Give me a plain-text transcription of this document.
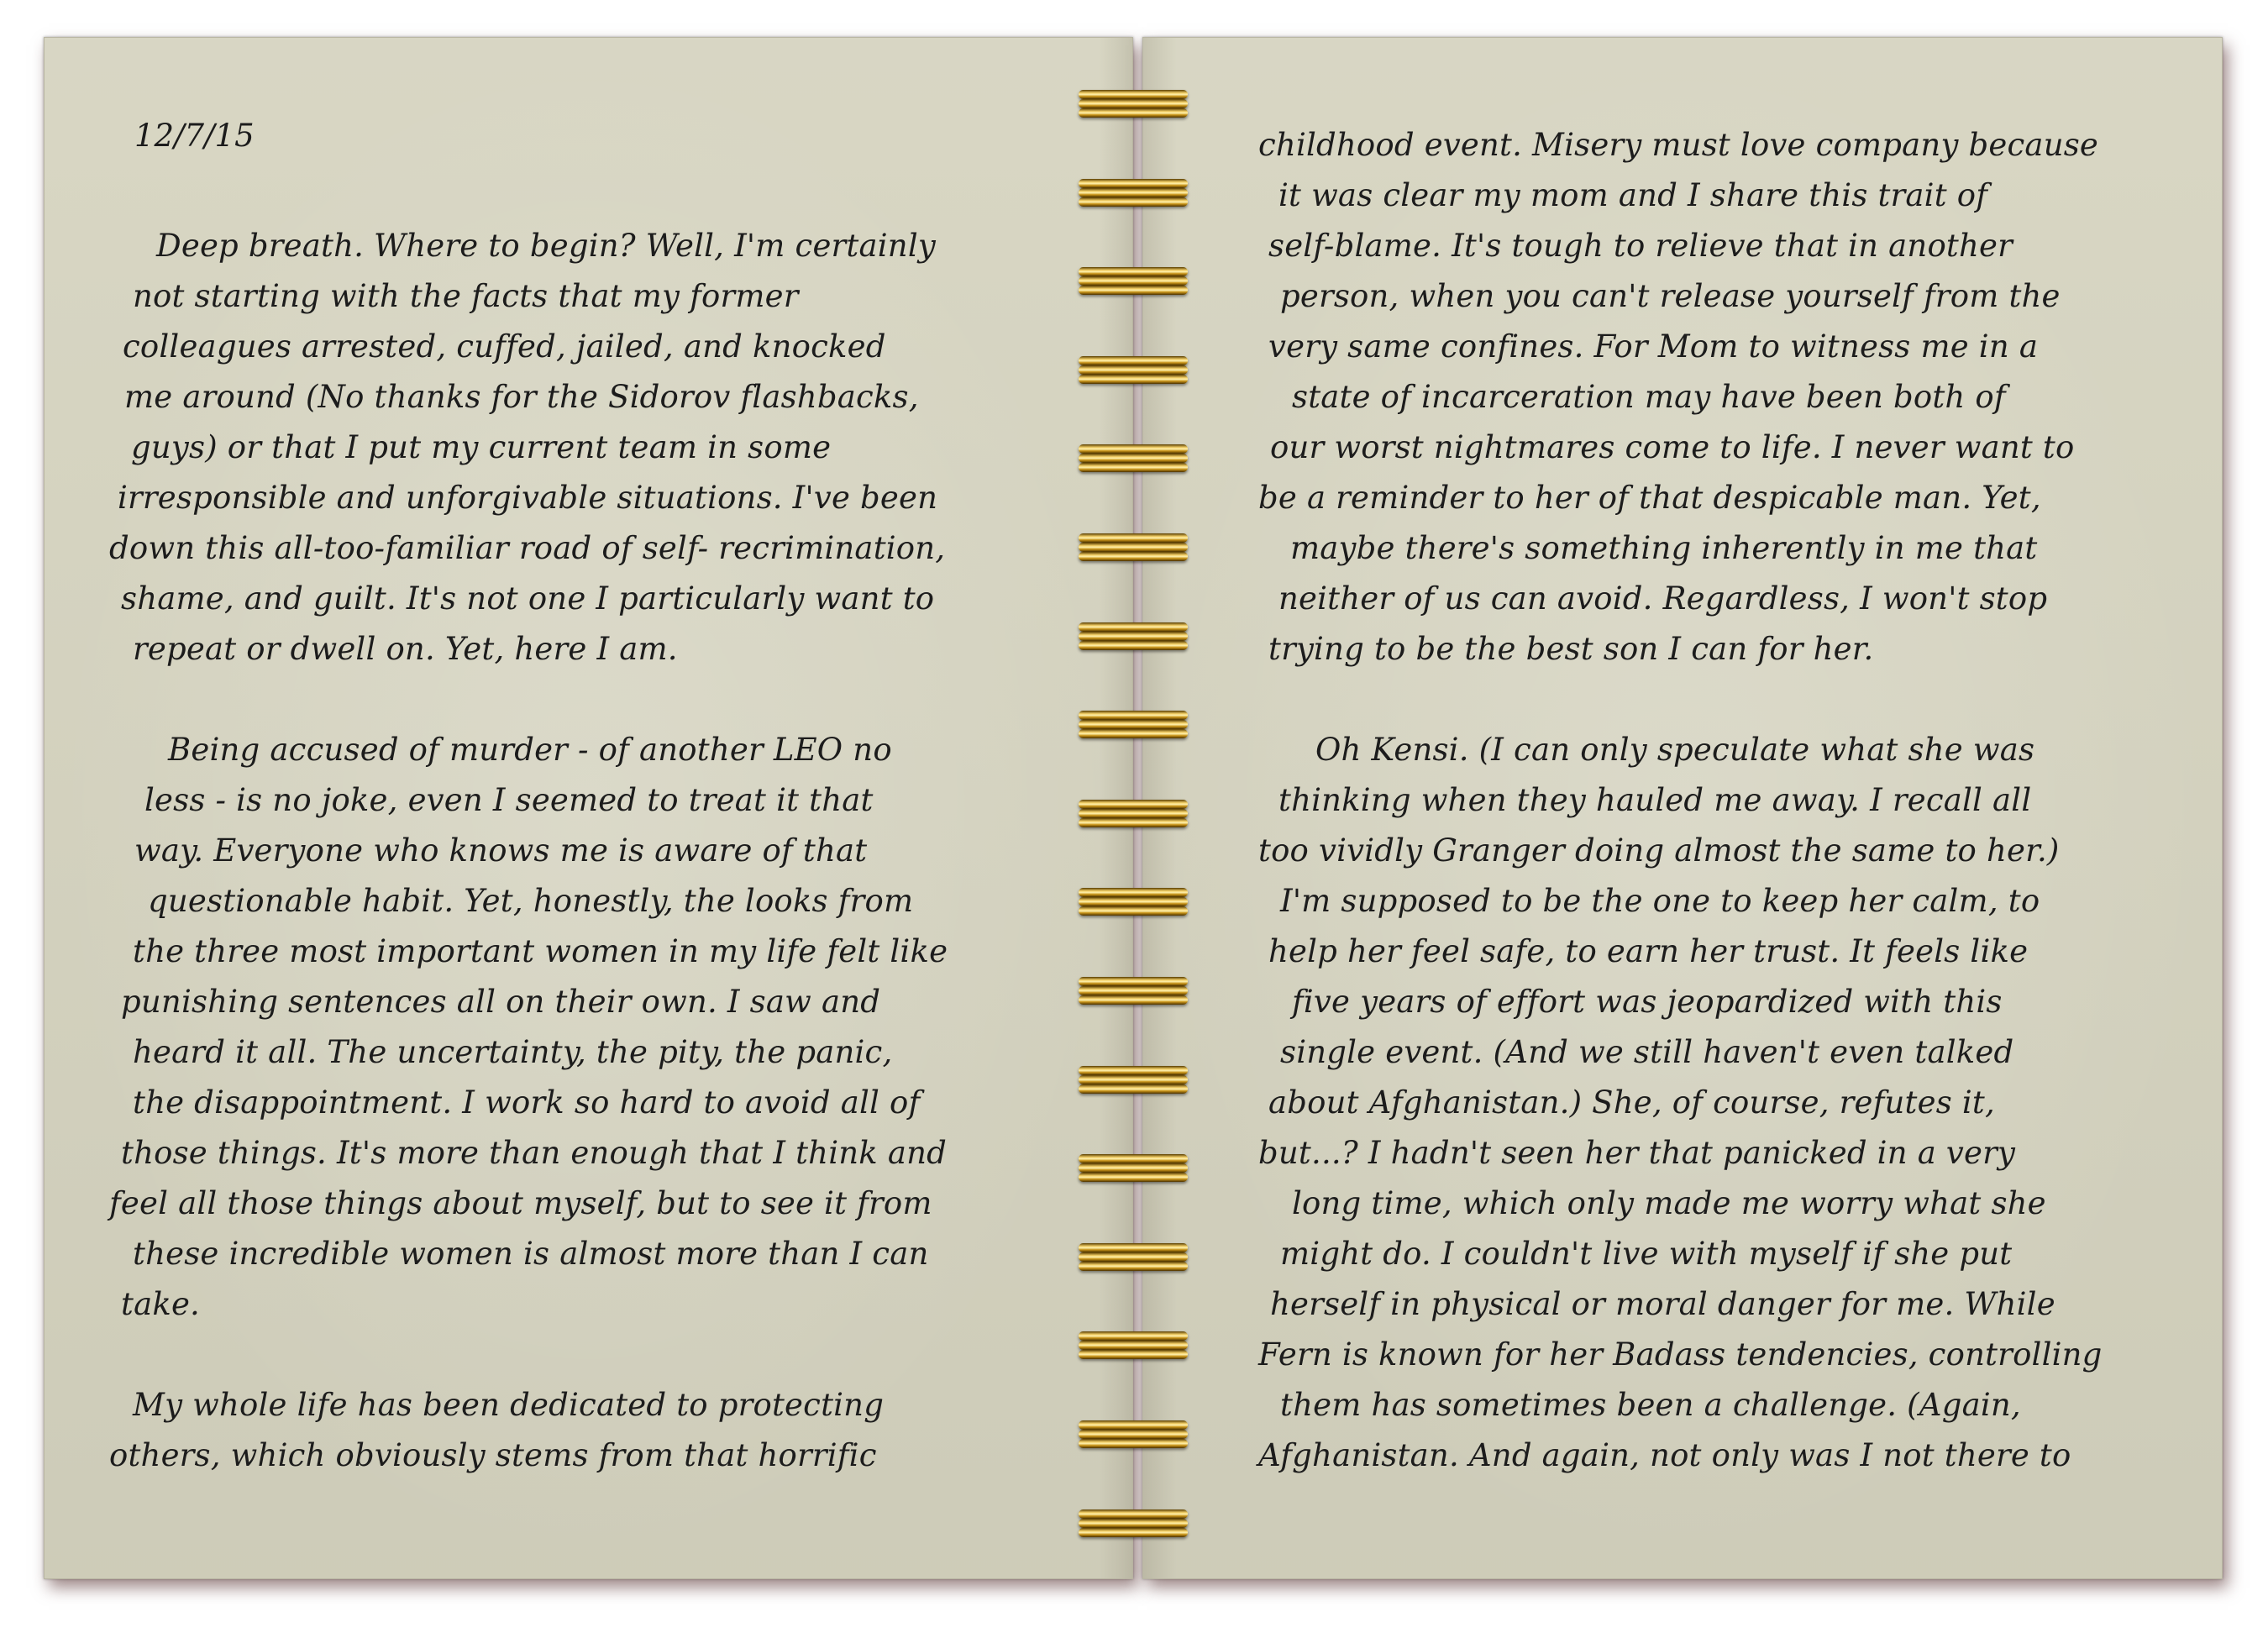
12/7/15
Deep breath. Where to begin? Well, I'm certainly
not starting with the facts that my former
colleagues arrested, cuffed, jailed, and knocked
me around (No thanks for the Sidorov flashbacks,
guys) or that I put my current team in some
irresponsible and unforgivable situations. I've been
down this all-too-familiar road of self- recrimination,
shame, and guilt. It's not one I particularly want to
repeat or dwell on. Yet, here I am.
Being accused of murder - of another LEO no
less - is no joke, even I seemed to treat it that
way. Everyone who knows me is aware of that
questionable habit. Yet, honestly, the looks from
the three most important women in my life felt like
punishing sentences all on their own. I saw and
heard it all. The uncertainty, the pity, the panic,
the disappointment. I work so hard to avoid all of
those things. It's more than enough that I think and
feel all those things about myself, but to see it from
these incredible women is almost more than I can
take.
My whole life has been dedicated to protecting
others, which obviously stems from that horrific
childhood event. Misery must love company because
it was clear my mom and I share this trait of
self-blame. It's tough to relieve that in another
person, when you can't release yourself from the
very same confines. For Mom to witness me in a
state of incarceration may have been both of
our worst nightmares come to life. I never want to
be a reminder to her of that despicable man. Yet,
maybe there's something inherently in me that
neither of us can avoid. Regardless, I won't stop
trying to be the best son I can for her.
Oh Kensi. (I can only speculate what she was
thinking when they hauled me away. I recall all
too vividly Granger doing almost the same to her.)
I'm supposed to be the one to keep her calm, to
help her feel safe, to earn her trust. It feels like
five years of effort was jeopardized with this
single event. (And we still haven't even talked
about Afghanistan.) She, of course, refutes it,
but...? I hadn't seen her that panicked in a very
long time, which only made me worry what she
might do. I couldn't live with myself if she put
herself in physical or moral danger for me. While
Fern is known for her Badass tendencies, controlling
them has sometimes been a challenge. (Again,
Afghanistan. And again, not only was I not there to
